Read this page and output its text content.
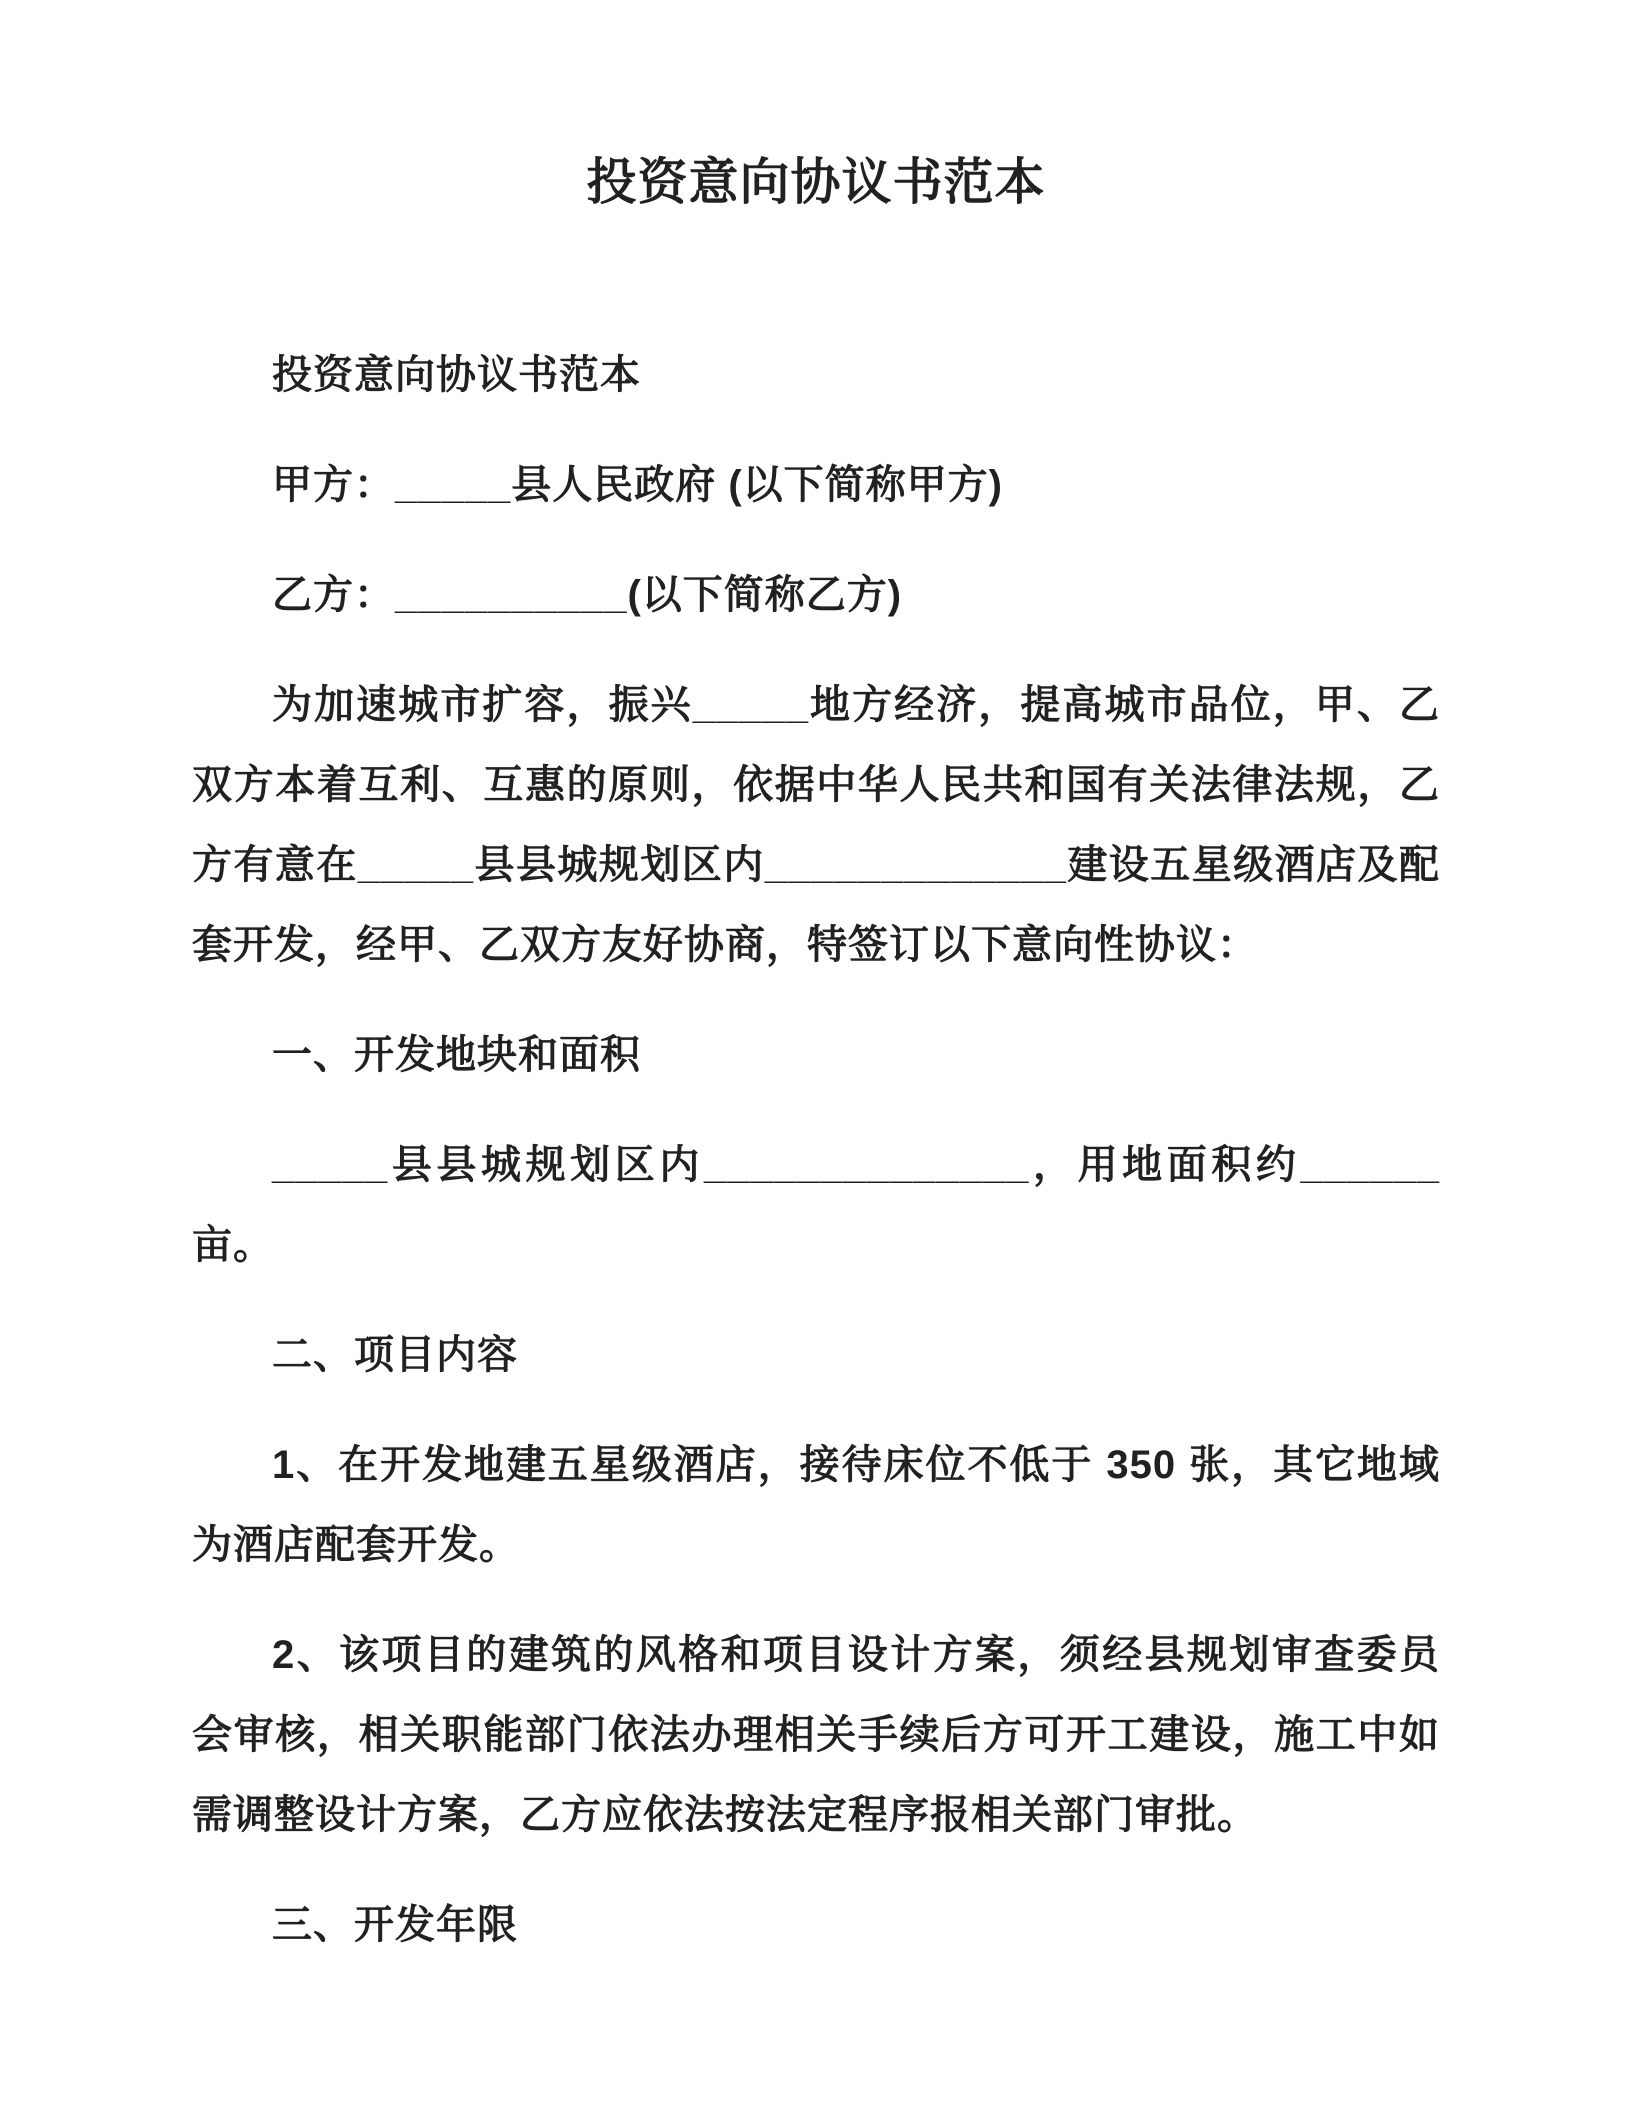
投资意向协议书范本

投资意向协议书范本

甲方：_____县人民政府 (以下简称甲方)

乙方：__________(以下简称乙方)

为加速城市扩容，振兴_____地方经济，提高城市品位，甲、乙双方本着互利、互惠的原则，依据中华人民共和国有关法律法规，乙方有意在_____县县城规划区内_____________建设五星级酒店及配套开发，经甲、乙双方友好协商，特签订以下意向性协议：

一、开发地块和面积

_____县县城规划区内______________，用地面积约______亩。

二、项目内容

1、在开发地建五星级酒店，接待床位不低于 350 张，其它地域为酒店配套开发。

2、该项目的建筑的风格和项目设计方案，须经县规划审查委员会审核，相关职能部门依法办理相关手续后方可开工建设，施工中如需调整设计方案，乙方应依法按法定程序报相关部门审批。

三、开发年限
